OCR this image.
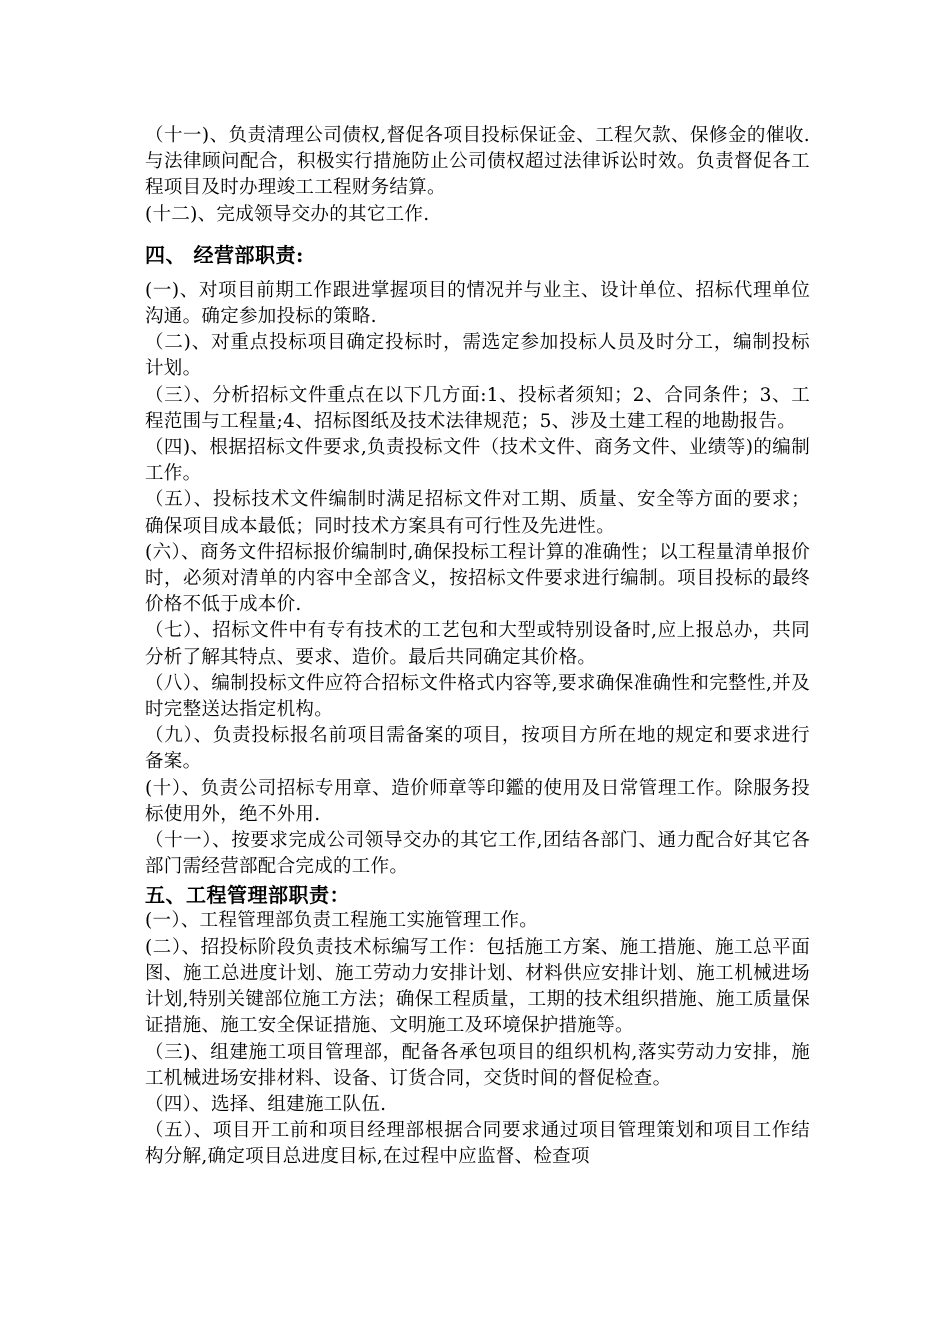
（十一)、负责清理公司债权,督促各项目投标保证金、工程欠款、保修金的催收.与法律顾问配合，积极实行措施防止公司债权超过法律诉讼时效。负责督促各工程项目及时办理竣工工程财务结算。

(十二)、完成领导交办的其它工作.

四、 经营部职责:

(一)、对项目前期工作跟进掌握项目的情况并与业主、设计单位、招标代理单位沟通。确定参加投标的策略.

（二)、对重点投标项目确定投标时，需选定参加投标人员及时分工，编制投标计划。

（三）、分析招标文件重点在以下几方面:1、投标者须知；2、合同条件；3、工程范围与工程量;4、招标图纸及技术法律规范；5、涉及土建工程的地勘报告。

（四)、根据招标文件要求,负责投标文件（技术文件、商务文件、业绩等)的编制工作。

（五）、投标技术文件编制时满足招标文件对工期、质量、安全等方面的要求；确保项目成本最低；同时技术方案具有可行性及先进性。

(六）、商务文件招标报价编制时,确保投标工程计算的准确性；以工程量清单报价时，必须对清单的内容中全部含义，按招标文件要求进行编制。项目投标的最终价格不低于成本价.

（七）、招标文件中有专有技术的工艺包和大型或特别设备时,应上报总办，共同分析了解其特点、要求、造价。最后共同确定其价格。

（八）、编制投标文件应符合招标文件格式内容等,要求确保准确性和完整性,并及时完整送达指定机构。

（九）、负责投标报名前项目需备案的项目，按项目方所在地的规定和要求进行备案。

(十）、负责公司招标专用章、造价师章等印鑑的使用及日常管理工作。除服务投标使用外，绝不外用.

（十一）、按要求完成公司领导交办的其它工作,团结各部门、通力配合好其它各部门需经营部配合完成的工作。

五、工程管理部职责：

(一）、工程管理部负责工程施工实施管理工作。

(二）、招投标阶段负责技术标编写工作：包括施工方案、施工措施、施工总平面图、施工总进度计划、施工劳动力安排计划、材料供应安排计划、施工机械进场计划,特别关键部位施工方法；确保工程质量，工期的技术组织措施、施工质量保证措施、施工安全保证措施、文明施工及环境保护措施等。

（三)、组建施工项目管理部，配备各承包项目的组织机构,落实劳动力安排，施工机械进场安排材料、设备、订货合同，交货时间的督促检查。

（四）、选择、组建施工队伍.

（五）、项目开工前和项目经理部根据合同要求通过项目管理策划和项目工作结构分解,确定项目总进度目标,在过程中应监督、检查项
